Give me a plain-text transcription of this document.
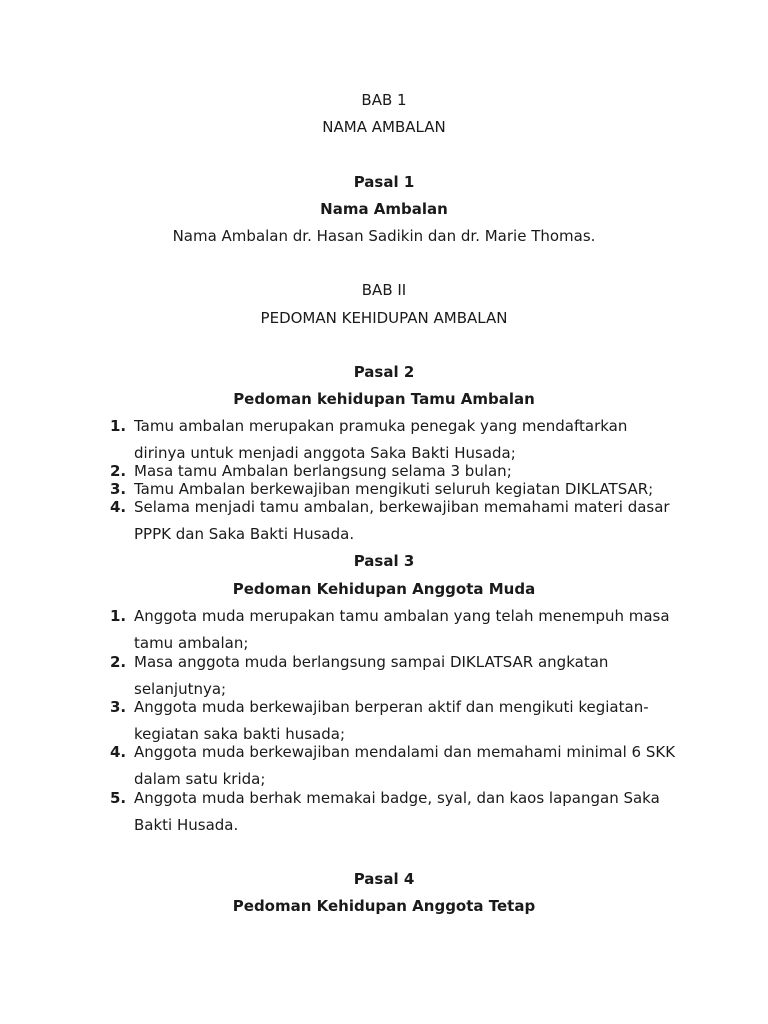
BAB 1
NAMA AMBALAN
Pasal 1
Nama Ambalan
Nama Ambalan dr. Hasan Sadikin dan dr. Marie Thomas.
BAB II
PEDOMAN KEHIDUPAN AMBALAN
Pasal 2
Pedoman kehidupan Tamu Ambalan
1. Tamu ambalan merupakan pramuka penegak yang mendaftarkan
dirinya untuk menjadi anggota Saka Bakti Husada;
2. Masa tamu Ambalan berlangsung selama 3 bulan;
3. Tamu Ambalan berkewajiban mengikuti seluruh kegiatan DIKLATSAR;
4. Selama menjadi tamu ambalan, berkewajiban memahami materi dasar
PPPK dan Saka Bakti Husada.
Pasal 3
Pedoman Kehidupan Anggota Muda
1. Anggota muda merupakan tamu ambalan yang telah menempuh masa
tamu ambalan;
2. Masa anggota muda berlangsung sampai DIKLATSAR angkatan
selanjutnya;
3. Anggota muda berkewajiban berperan aktif dan mengikuti kegiatan-
kegiatan saka bakti husada;
4. Anggota muda berkewajiban mendalami dan memahami minimal 6 SKK
dalam satu krida;
5. Anggota muda berhak memakai badge, syal, dan kaos lapangan Saka
Bakti Husada.
Pasal 4
Pedoman Kehidupan Anggota Tetap
